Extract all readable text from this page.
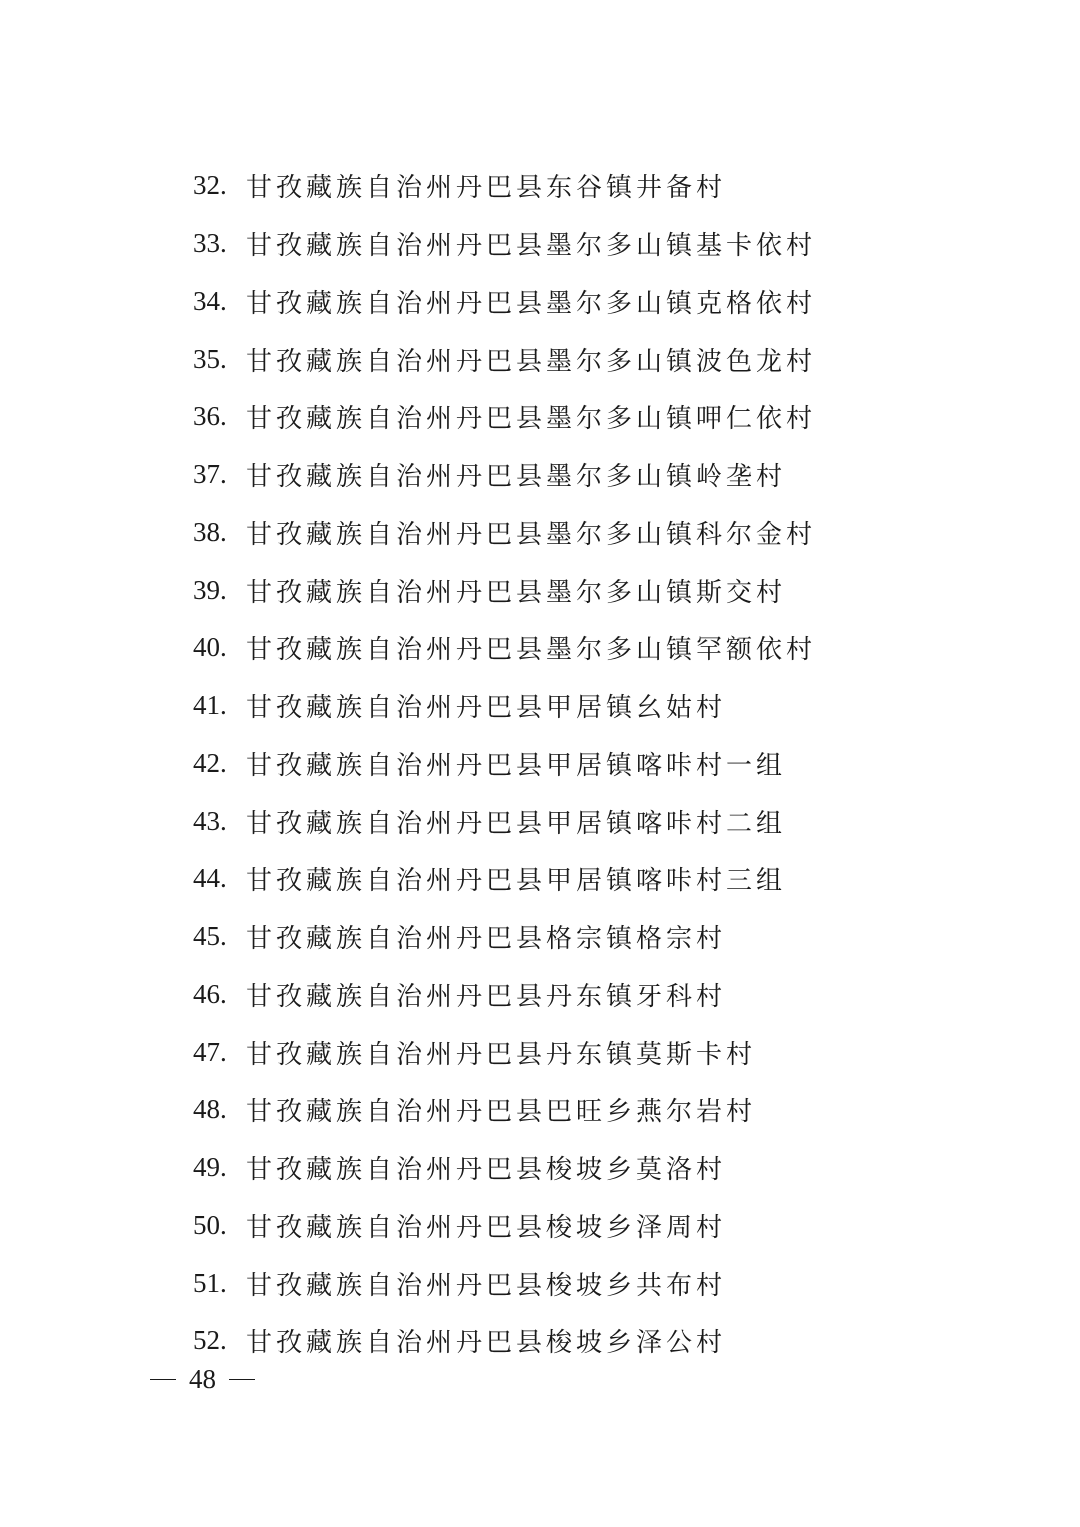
32. 甘孜藏族自治州丹巴县东谷镇井备村
33. 甘孜藏族自治州丹巴县墨尔多山镇基卡依村
34. 甘孜藏族自治州丹巴县墨尔多山镇克格依村
35. 甘孜藏族自治州丹巴县墨尔多山镇波色龙村
36. 甘孜藏族自治州丹巴县墨尔多山镇呷仁依村
37. 甘孜藏族自治州丹巴县墨尔多山镇岭垄村
38. 甘孜藏族自治州丹巴县墨尔多山镇科尔金村
39. 甘孜藏族自治州丹巴县墨尔多山镇斯交村
40. 甘孜藏族自治州丹巴县墨尔多山镇罕额依村
41. 甘孜藏族自治州丹巴县甲居镇幺姑村
42. 甘孜藏族自治州丹巴县甲居镇喀咔村一组
43. 甘孜藏族自治州丹巴县甲居镇喀咔村二组
44. 甘孜藏族自治州丹巴县甲居镇喀咔村三组
45. 甘孜藏族自治州丹巴县格宗镇格宗村
46. 甘孜藏族自治州丹巴县丹东镇牙科村
47. 甘孜藏族自治州丹巴县丹东镇莫斯卡村
48. 甘孜藏族自治州丹巴县巴旺乡燕尔岩村
49. 甘孜藏族自治州丹巴县梭坡乡莫洛村
50. 甘孜藏族自治州丹巴县梭坡乡泽周村
51. 甘孜藏族自治州丹巴县梭坡乡共布村
52. 甘孜藏族自治州丹巴县梭坡乡泽公村
48
